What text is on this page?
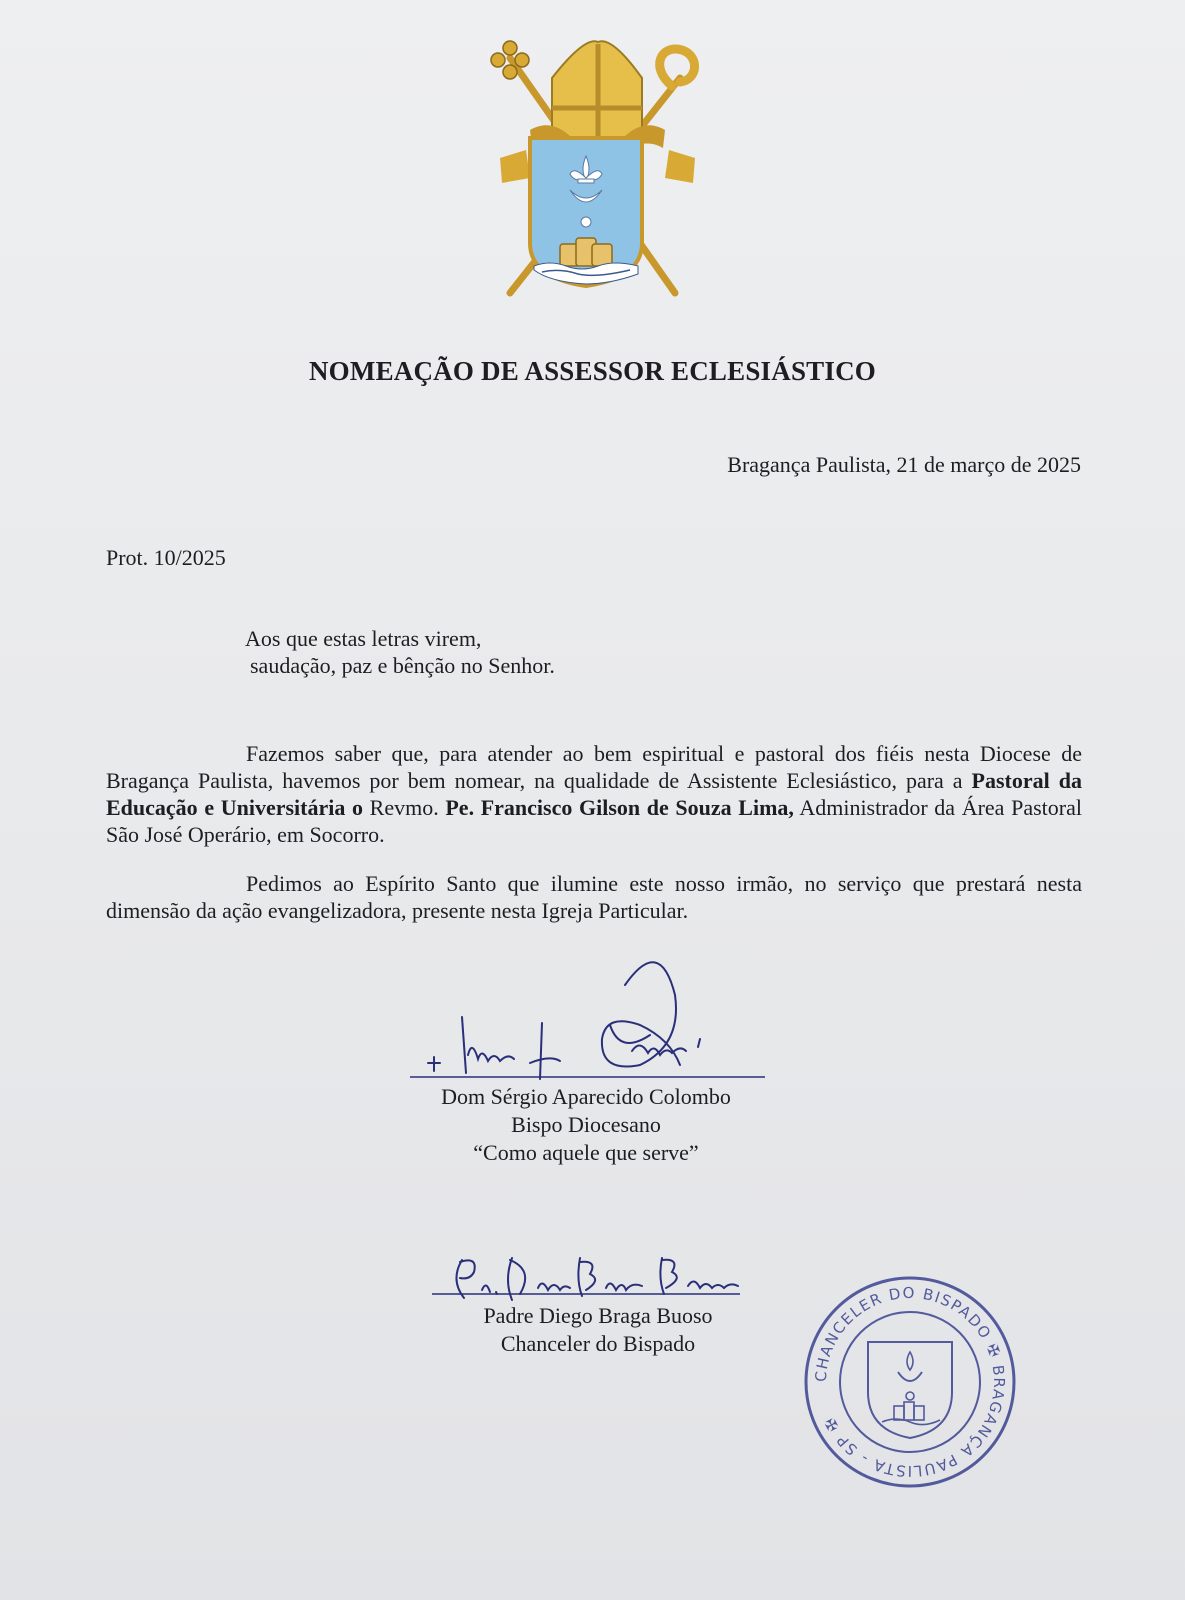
NOMEAÇÃO DE ASSESSOR ECLESIÁSTICO
Bragança Paulista, 21 de março de 2025
Prot. 10/2025
Aos que estas letras virem,
saudação, paz e bênção no Senhor.
Fazemos saber que, para atender ao bem espiritual e pastoral dos fiéis nesta Diocese de Bragança Paulista, havemos por bem nomear, na qualidade de Assistente Eclesiástico, para a Pastoral da Educação e Universitária o Revmo. Pe. Francisco Gilson de Souza Lima, Administrador da Área Pastoral São José Operário, em Socorro.
Pedimos ao Espírito Santo que ilumine este nosso irmão, no serviço que prestará nesta dimensão da ação evangelizadora, presente nesta Igreja Particular.
Dom Sérgio Aparecido Colombo
Bispo Diocesano
“Como aquele que serve”
Padre Diego Braga Buoso
Chanceler do Bispado
CHANCELER DO BISPADO ✠ BRAGANÇA PAULISTA - SP ✠
